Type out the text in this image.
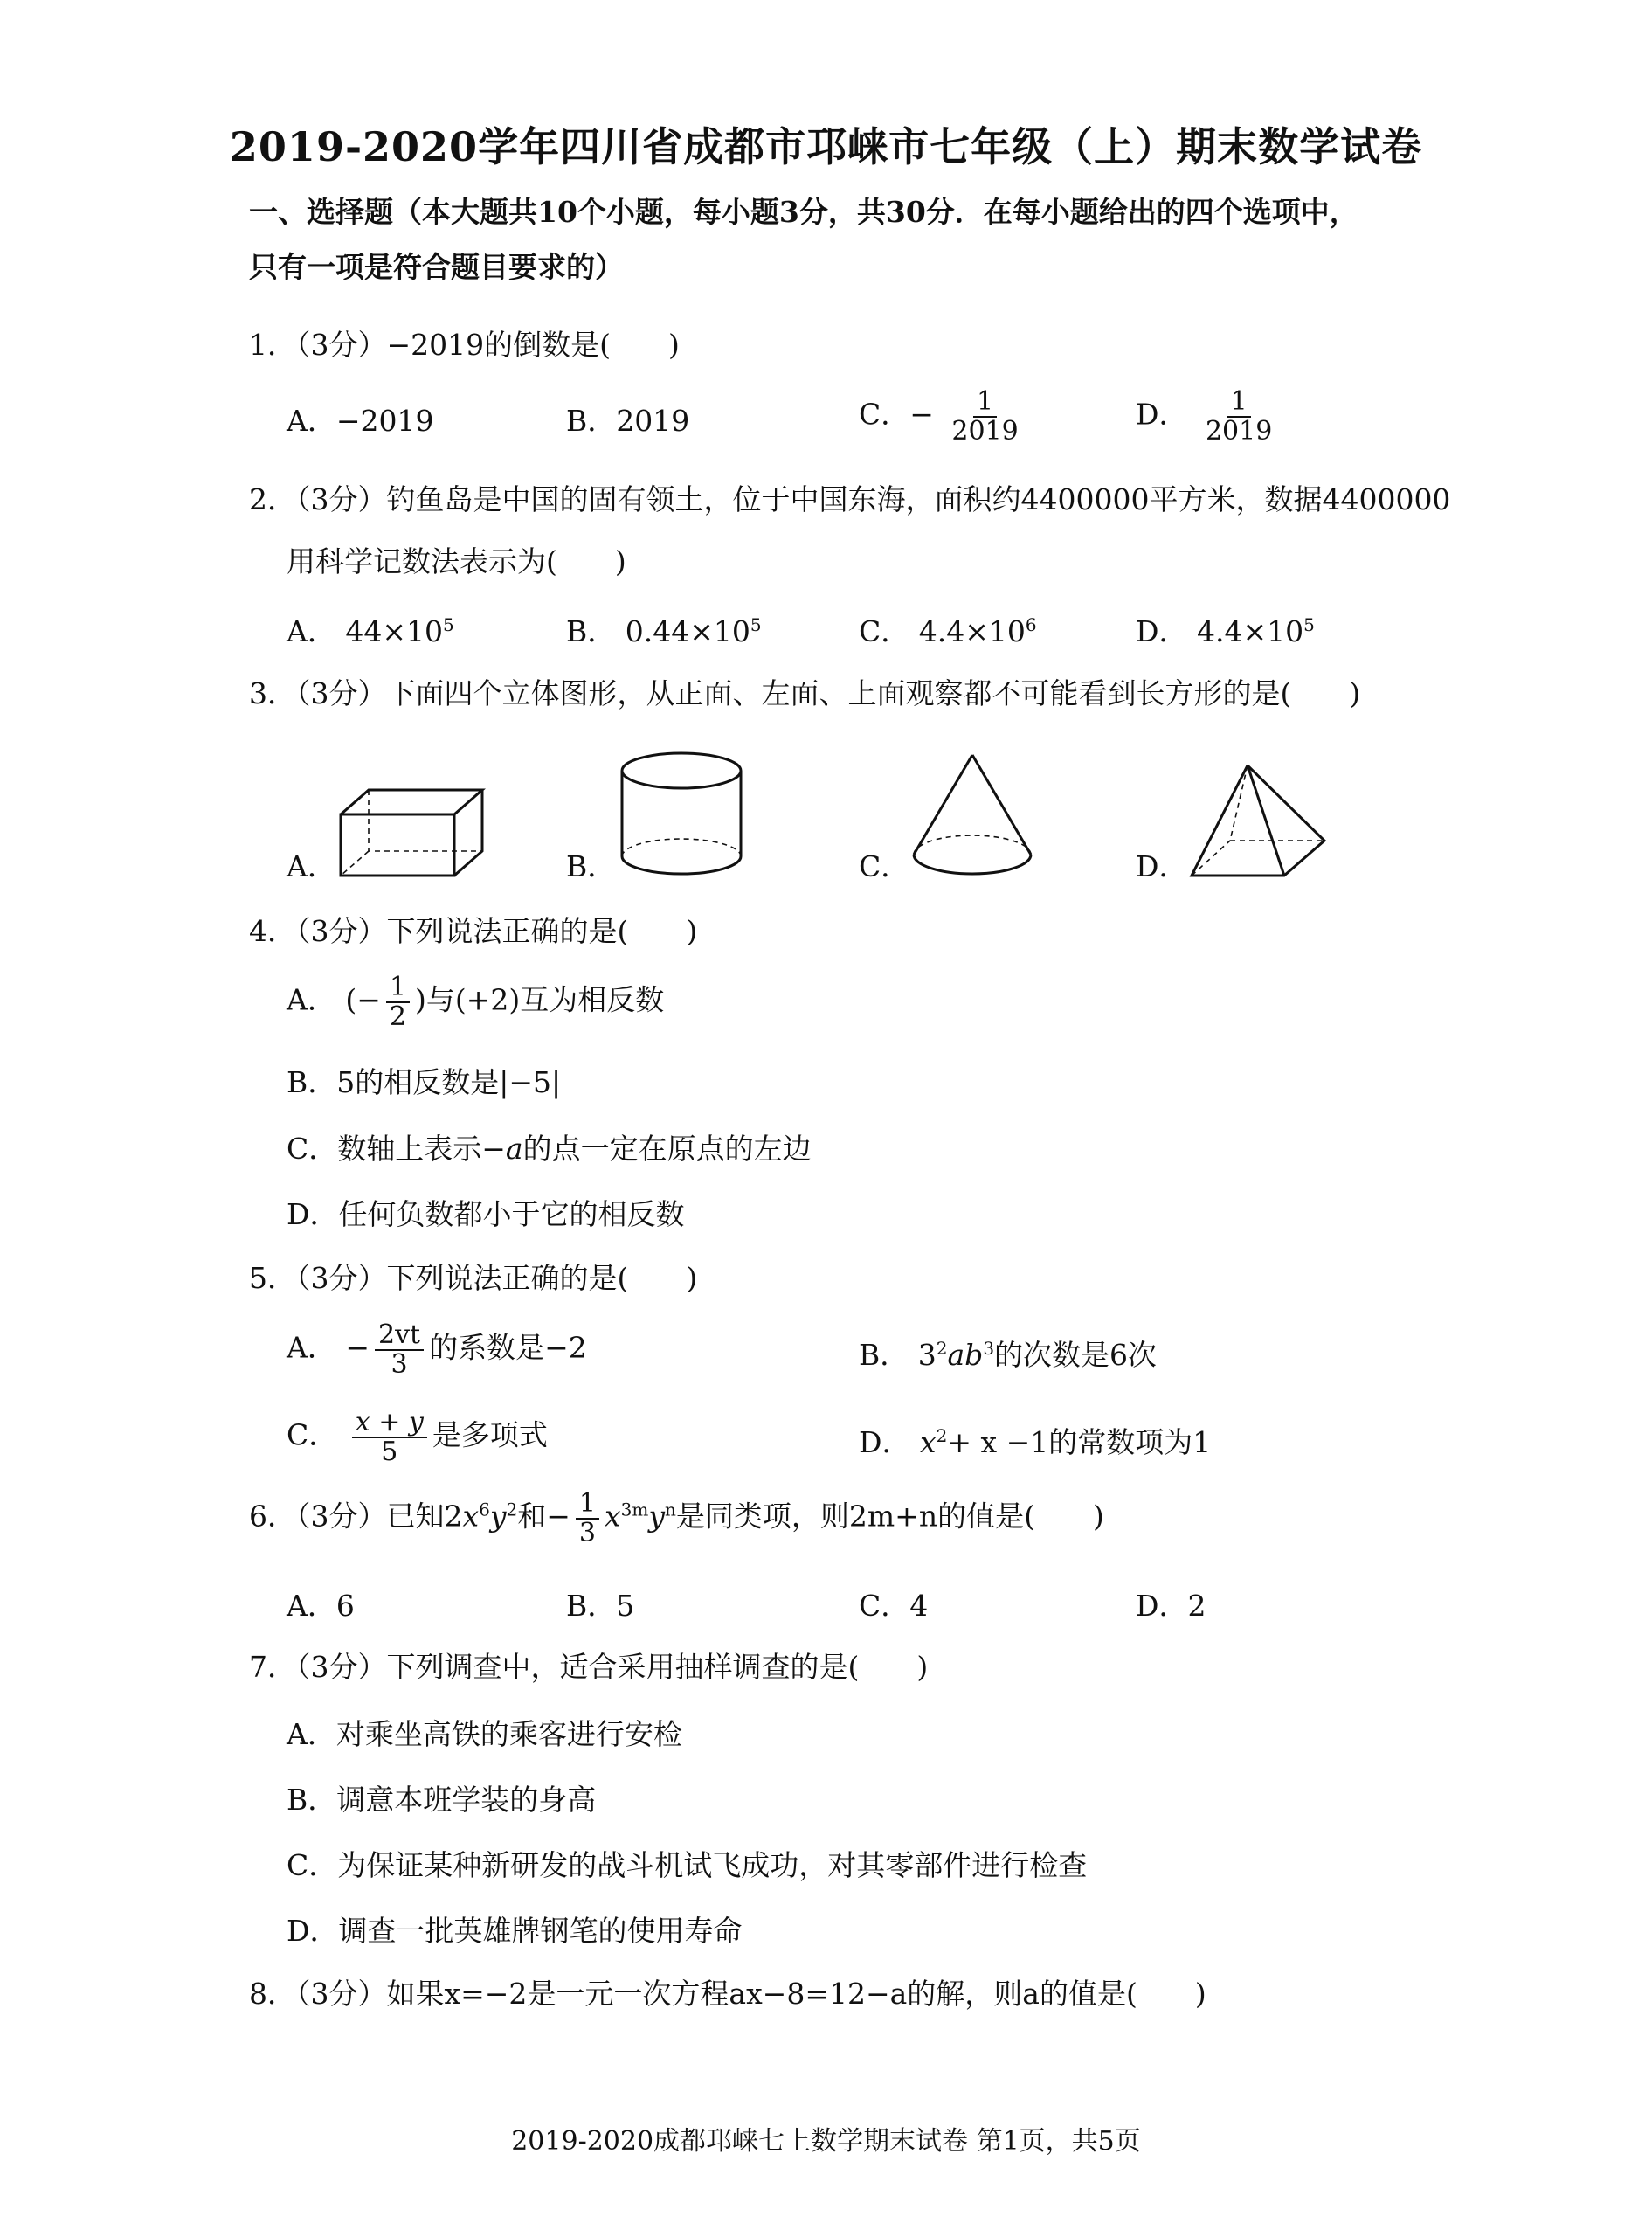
2019-2020学年四川省成都市邛崃市七年级（上）期末数学试卷
一、选择题（本大题共10个小题，每小题3分，共30分．在每小题给出的四个选项中，
只有一项是符合题目要求的）
1．（3分）−2019的倒数是(　　)
A．−2019	B．2019	C．− $\frac{1}{2019}$	D． $\frac{1}{2019}$
2．（3分）钓鱼岛是中国的固有领土，位于中国东海，面积约4400000平方米，数据4400000
用科学记数法表示为(　　)
A． $44\times 10^5$	B． $0.44\times 10^5$	C． $4.4\times 10^6$	D． $4.4\times 10^5$
3．（3分）下面四个立体图形，从正面、左面、上面观察都不可能看到长方形的是(　　)
A．	B．	C．	D．
4．（3分）下列说法正确的是(　　)
A． (− $\frac{1}{2}$ )与(+2)互为相反数
B．5的相反数是|−5|
C．数轴上表示−a的点一定在原点的左边
D．任何负数都小于它的相反数
5．（3分）下列说法正确的是(　　)
A． − $\frac{2vt}{3}$ 的系数是−2	B． $3^2ab^3$的次数是6次
C． $\frac{x + y}{5}$ 是多项式	D． $x^2+ x -1$的常数项为1
6．（3分）已知$2x^6y^2$和− $\frac{1}{3} x^{3m}y^n$是同类项，则2m+n的值是(　　)
A．6	B．5	C．4	D．2
7．（3分）下列调查中，适合采用抽样调查的是(　　)
A．对乘坐高铁的乘客进行安检
B．调意本班学装的身高
C．为保证某种新研发的战斗机试飞成功，对其零部件进行检查
D．调查一批英雄牌钢笔的使用寿命
8．（3分）如果x=−2是一元一次方程ax−8=12−a的解，则a的值是(　　)
2019-2020成都邛崃七上数学期末试卷 第1页，共5页
